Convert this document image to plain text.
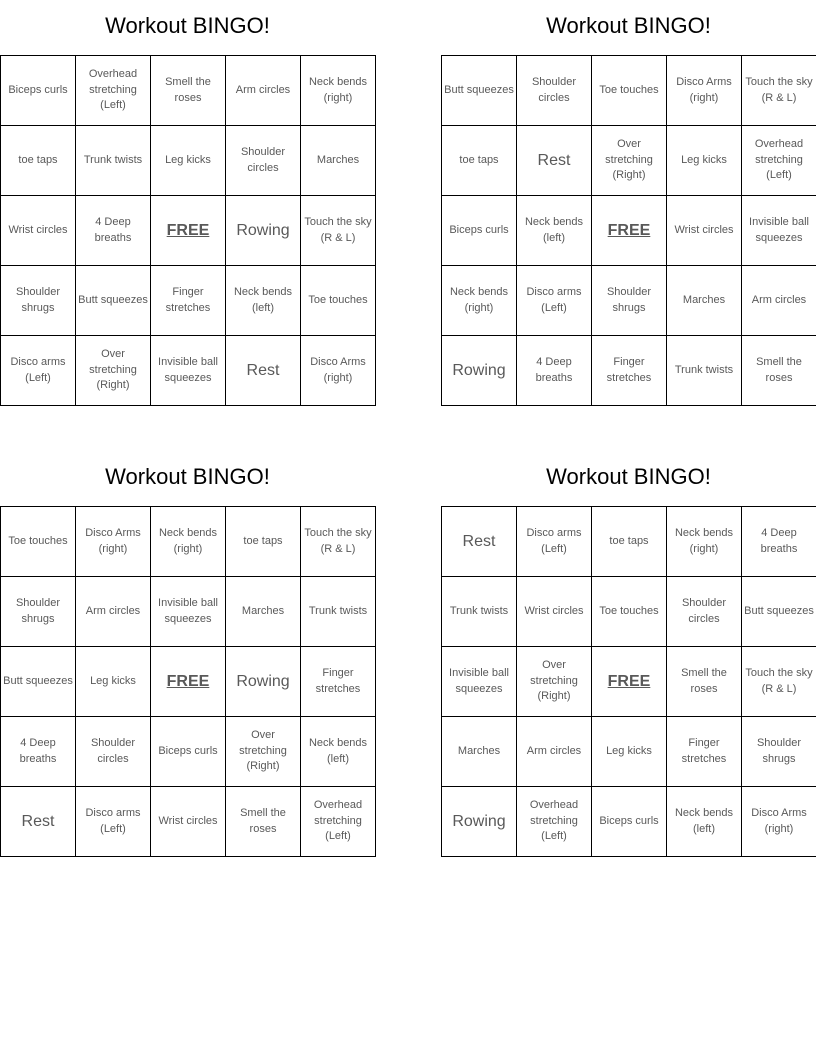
Workout BINGO!
Biceps curls	Overhead stretching (Left)	Smell the roses	Arm circles	Neck bends (right)
toe taps	Trunk twists	Leg kicks	Shoulder circles	Marches
Wrist circles	4 Deep breaths	FREE	Rowing	Touch the sky (R & L)
Shoulder shrugs	Butt squeezes	Finger stretches	Neck bends (left)	Toe touches
Disco arms (Left)	Over stretching (Right)	Invisible ball squeezes	Rest	Disco Arms (right)
Workout BINGO!
Butt squeezes	Shoulder circles	Toe touches	Disco Arms (right)	Touch the sky (R & L)
toe taps	Rest	Over stretching (Right)	Leg kicks	Overhead stretching (Left)
Biceps curls	Neck bends (left)	FREE	Wrist circles	Invisible ball squeezes
Neck bends (right)	Disco arms (Left)	Shoulder shrugs	Marches	Arm circles
Rowing	4 Deep breaths	Finger stretches	Trunk twists	Smell the roses
Workout BINGO!
Toe touches	Disco Arms (right)	Neck bends (right)	toe taps	Touch the sky (R & L)
Shoulder shrugs	Arm circles	Invisible ball squeezes	Marches	Trunk twists
Butt squeezes	Leg kicks	FREE	Rowing	Finger stretches
4 Deep breaths	Shoulder circles	Biceps curls	Over stretching (Right)	Neck bends (left)
Rest	Disco arms (Left)	Wrist circles	Smell the roses	Overhead stretching (Left)
Workout BINGO!
Rest	Disco arms (Left)	toe taps	Neck bends (right)	4 Deep breaths
Trunk twists	Wrist circles	Toe touches	Shoulder circles	Butt squeezes
Invisible ball squeezes	Over stretching (Right)	FREE	Smell the roses	Touch the sky (R & L)
Marches	Arm circles	Leg kicks	Finger stretches	Shoulder shrugs
Rowing	Overhead stretching (Left)	Biceps curls	Neck bends (left)	Disco Arms (right)
